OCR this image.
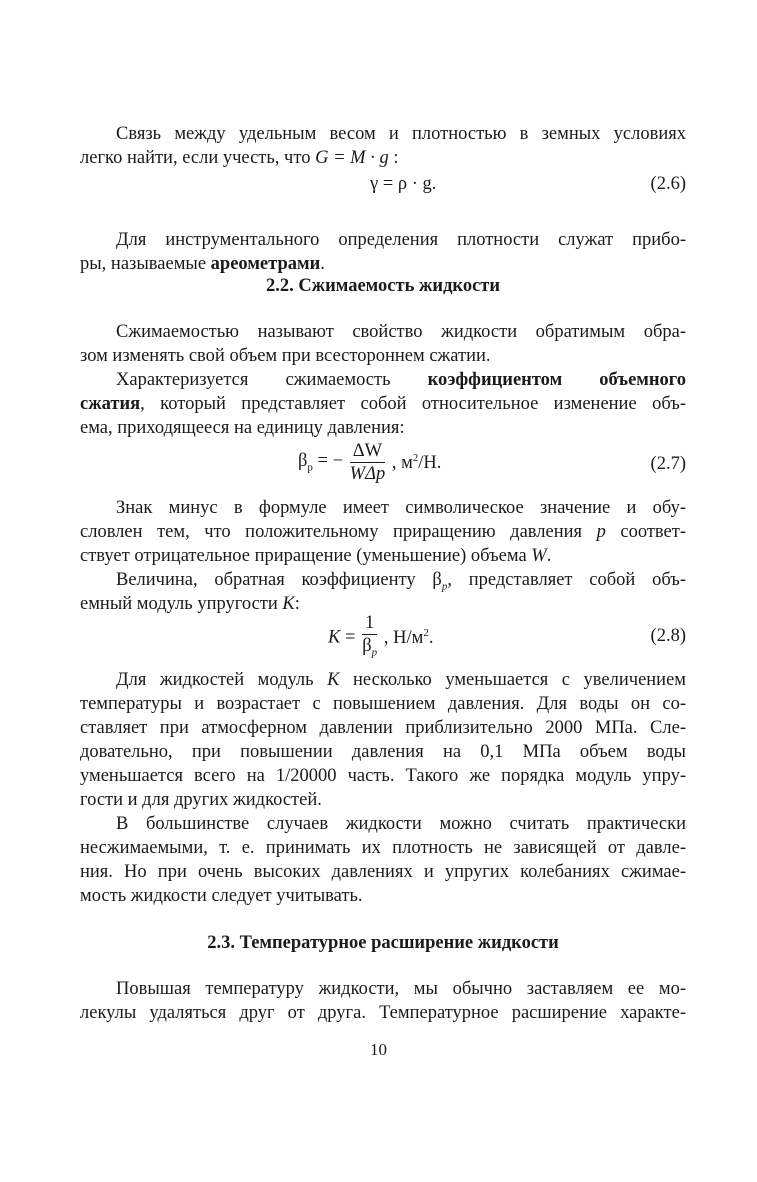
Связь между удельным весом и плотностью в земных условиях
легко найти, если учесть, что G = M · g :
γ = ρ · g.	(2.6)
Для инструментального определения плотности служат прибо-
ры, называемые ареометрами.
2.2. Сжимаемость жидкости
Сжимаемостью называют свойство жидкости обратимым обра-
зом изменять свой объем при всестороннем сжатии.
Характеризуется сжимаемость коэффициентом объемного
сжатия, который представляет собой относительное изменение объ-
ема, приходящееся на единицу давления:
$\beta_р$ = − $\frac{\Delta W}{\text{WΔp}}$ , $м^2/Н$.	(2.7)
Знак минус в формуле имеет символическое значение и обу-
словлен тем, что положительному приращению давления p соответ-
ствует отрицательное приращение (уменьшение) объема W.
Величина, обратная коэффициенту $\beta_p$, представляет собой объ-
емный модуль упругости K:
$K = \frac{1}{\beta_p}$ , $Н/м^2$.	(2.8)
Для жидкостей модуль K несколько уменьшается с увеличением
температуры и возрастает с повышением давления. Для воды он со-
ставляет при атмосферном давлении приблизительно 2000 МПа. Сле-
довательно, при повышении давления на 0,1 МПа объем воды
уменьшается всего на 1/20000 часть. Такого же порядка модуль упру-
гости и для других жидкостей.
В большинстве случаев жидкости можно считать практически
несжимаемыми, т. е. принимать их плотность не зависящей от давле-
ния. Но при очень высоких давлениях и упругих колебаниях сжимае-
мость жидкости следует учитывать.
2.3. Температурное расширение жидкости
Повышая температуру жидкости, мы обычно заставляем ее мо-
лекулы удаляться друг от друга. Температурное расширение характе-
10
